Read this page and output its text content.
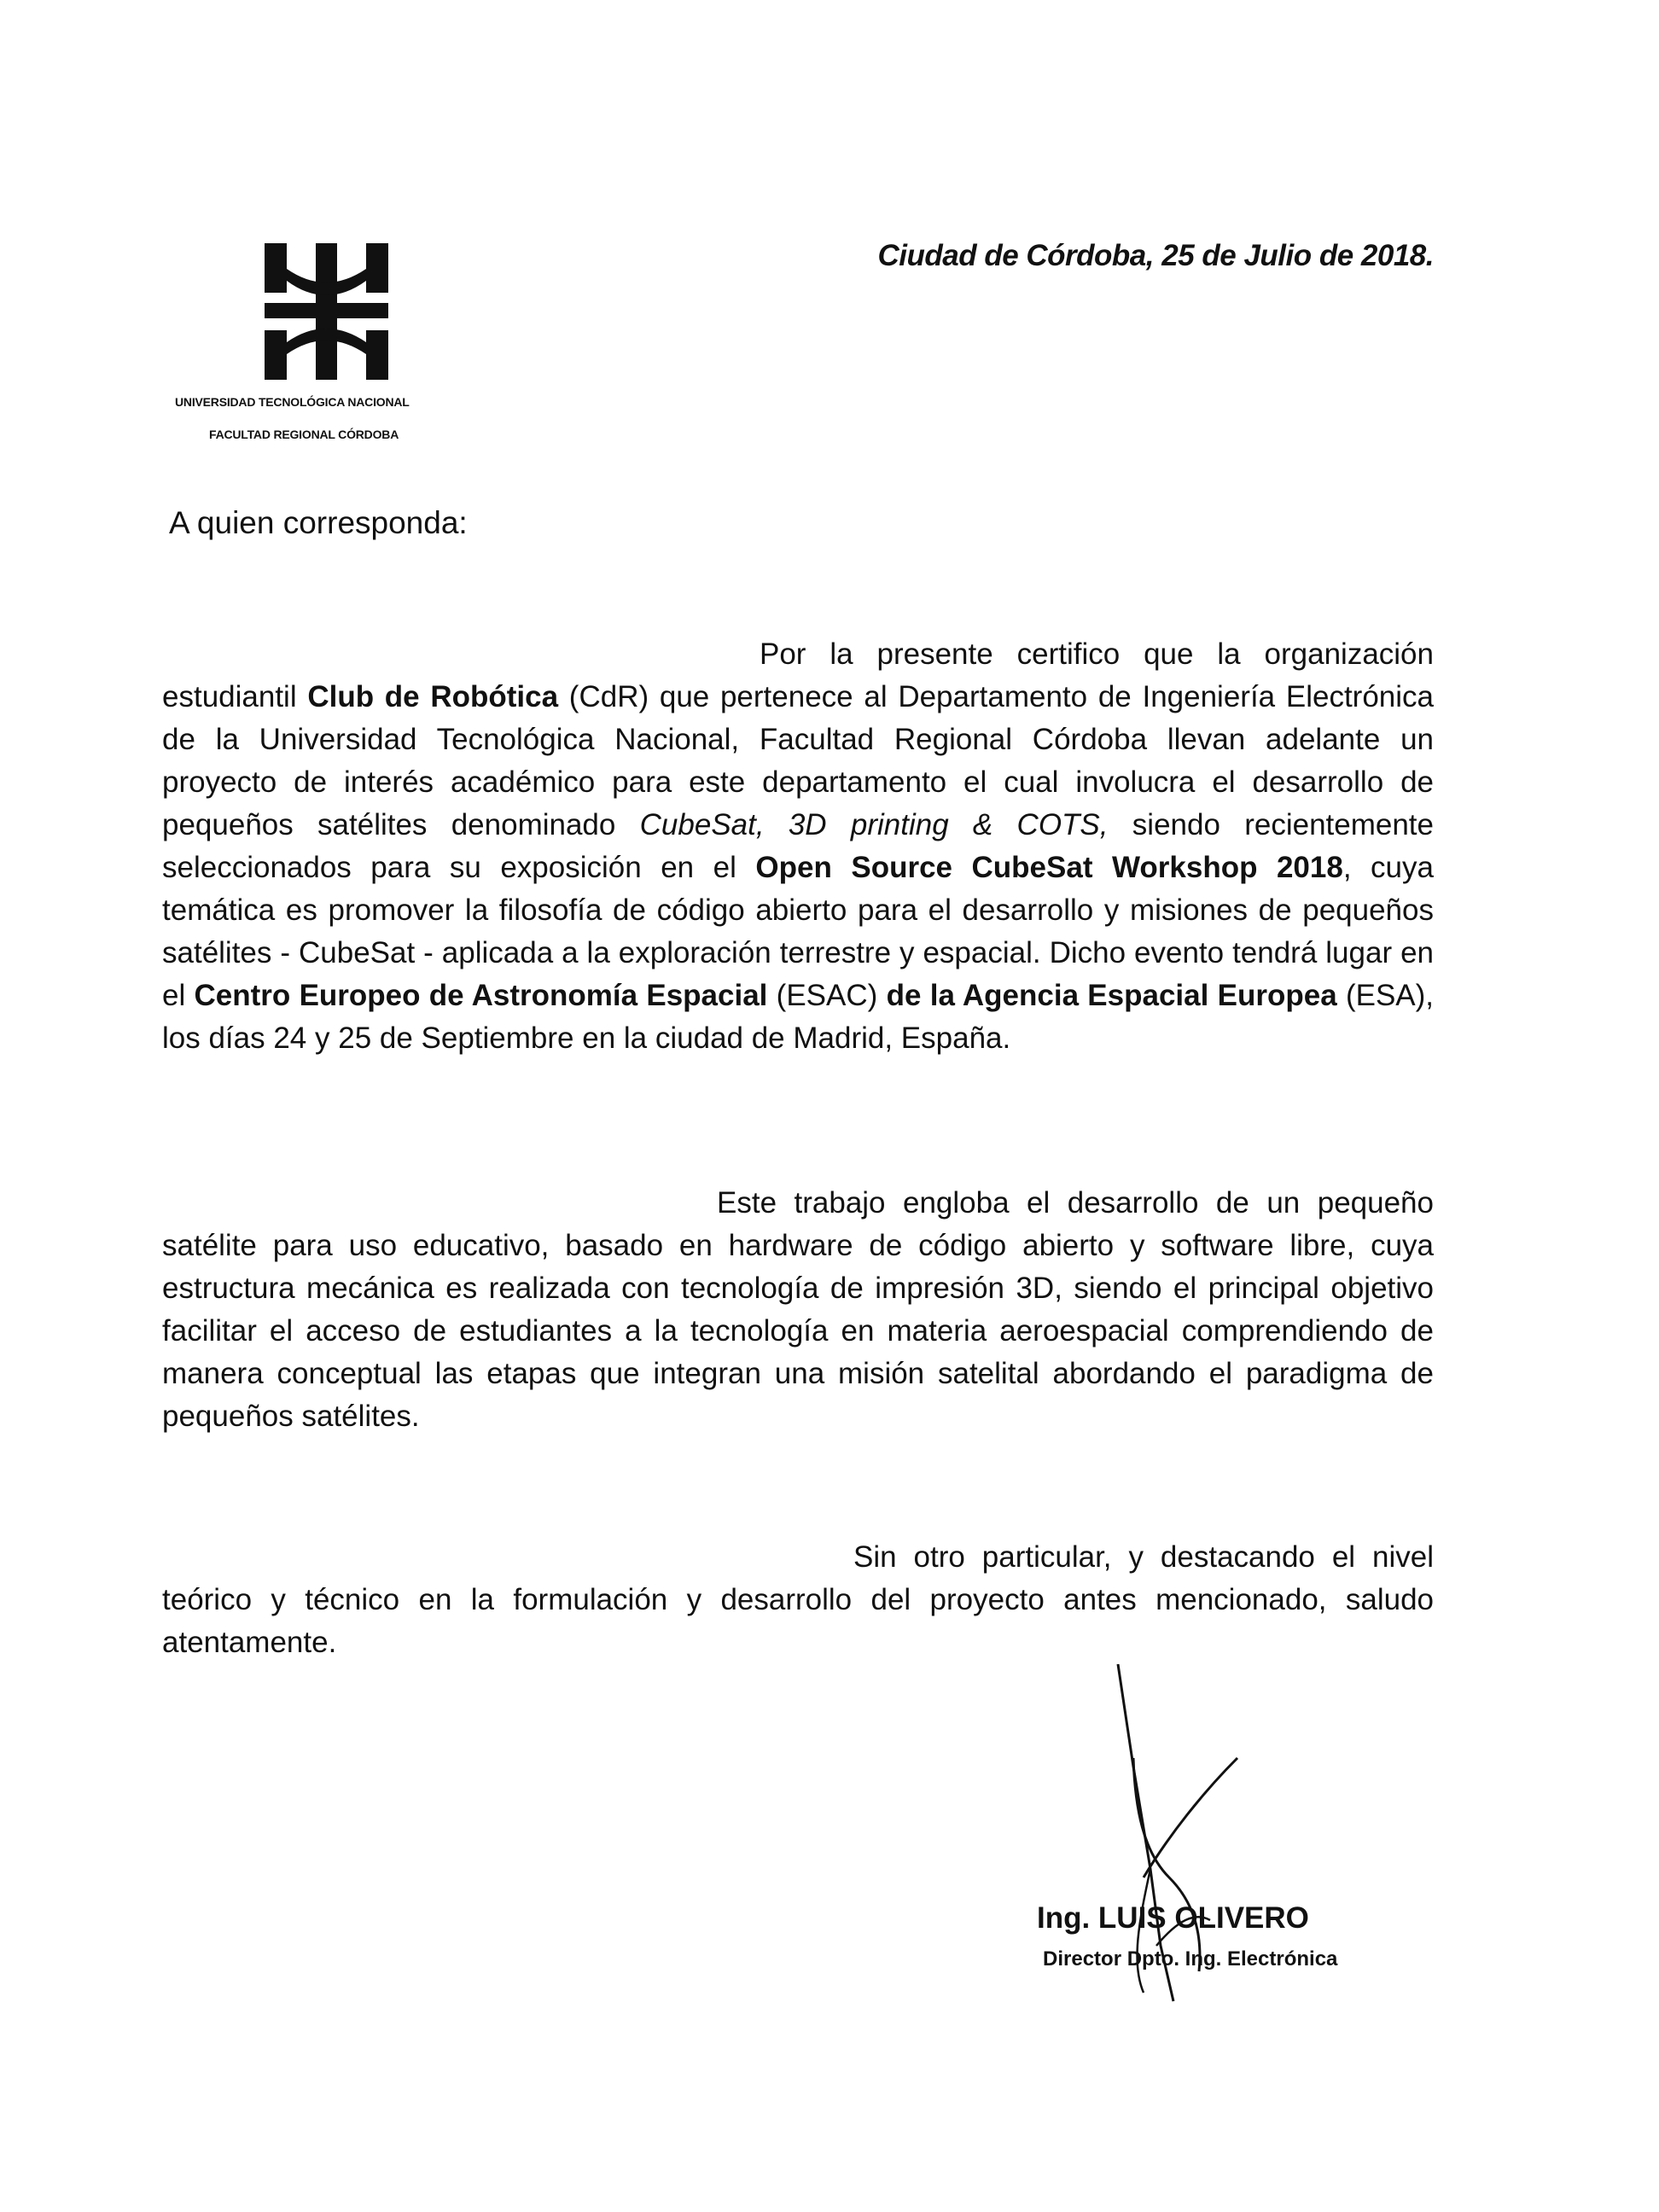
Ciudad de Córdoba, 25 de Julio de 2018.
UNIVERSIDAD TECNOLÓGICA NACIONAL
FACULTAD REGIONAL CÓRDOBA
A quien corresponda:
Por la presente certifico que la organización estudiantil Club de Robótica (CdR) que pertenece al Departamento de Ingeniería Electrónica de la Universidad Tecnológica Nacional, Facultad Regional Córdoba llevan adelante un proyecto de interés académico para este departamento el cual involucra el desarrollo de pequeños satélites denominado CubeSat, 3D printing & COTS, siendo recientemente seleccionados para su exposición en el Open Source CubeSat Workshop 2018, cuya temática es promover la filosofía de código abierto para el desarrollo y misiones de pequeños satélites - CubeSat - aplicada a la exploración terrestre y espacial. Dicho evento tendrá lugar en el Centro Europeo de Astronomía Espacial (ESAC) de la Agencia Espacial Europea (ESA), los días 24 y 25 de Septiembre en la ciudad de Madrid, España.
Este trabajo engloba el desarrollo de un pequeño satélite para uso educativo, basado en hardware de código abierto y software libre, cuya estructura mecánica es realizada con tecnología de impresión 3D, siendo el principal objetivo facilitar el acceso de estudiantes a la tecnología en materia aeroespacial comprendiendo de manera conceptual las etapas que integran una misión satelital abordando el paradigma de pequeños satélites.
Sin otro particular, y destacando el nivel teórico y técnico en la formulación y desarrollo del proyecto antes mencionado, saludo atentamente.
Ing. LUIS OLIVERO
Director Dpto. Ing. Electrónica
